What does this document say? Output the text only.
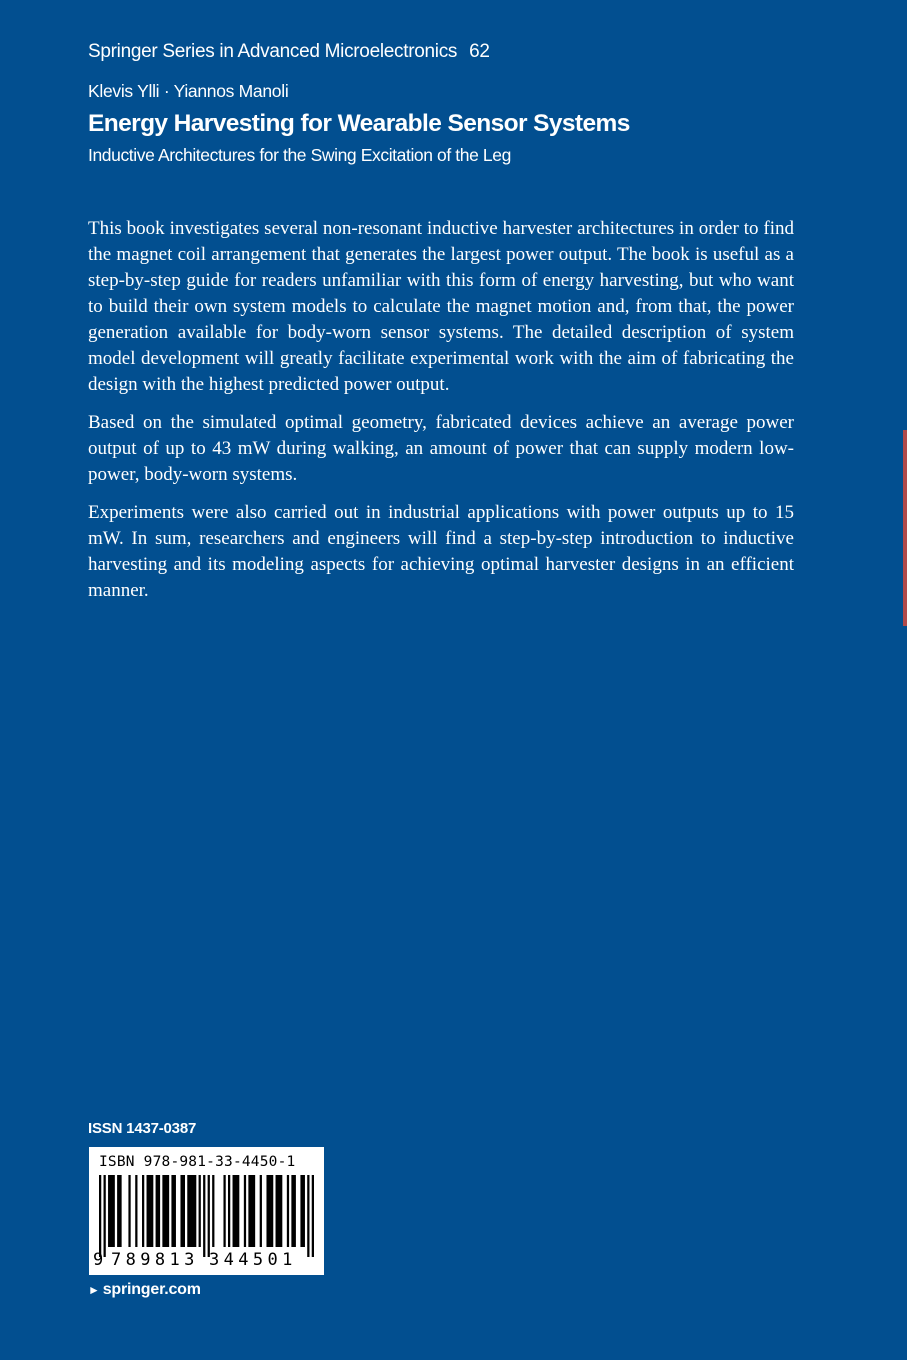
Springer Series in Advanced Microelectronics 62
Klevis Ylli · Yiannos Manoli
Energy Harvesting for Wearable Sensor Systems
Inductive Architectures for the Swing Excitation of the Leg

This book investigates several non-resonant inductive harvester architectures in order to find the magnet coil arrangement that generates the largest power output. The book is useful as a step-by-step guide for readers unfamiliar with this form of energy harvesting, but who want to build their own system models to calculate the magnet motion and, from that, the power generation available for body-worn sensor systems. The detailed description of system model development will greatly facilitate experimental work with the aim of fabricating the design with the highest predicted power output.

Based on the simulated optimal geometry, fabricated devices achieve an average power output of up to 43 mW during walking, an amount of power that can supply modern low-power, body-worn systems.

Experiments were also carried out in industrial applications with power outputs up to 15 mW. In sum, researchers and engineers will find a step-by-step introduction to inductive harvesting and its modeling aspects for achieving optimal harvester designs in an efficient manner.

ISSN 1437-0387
ISBN 978-981-33-4450-1
9 789813 344501
► springer.com
